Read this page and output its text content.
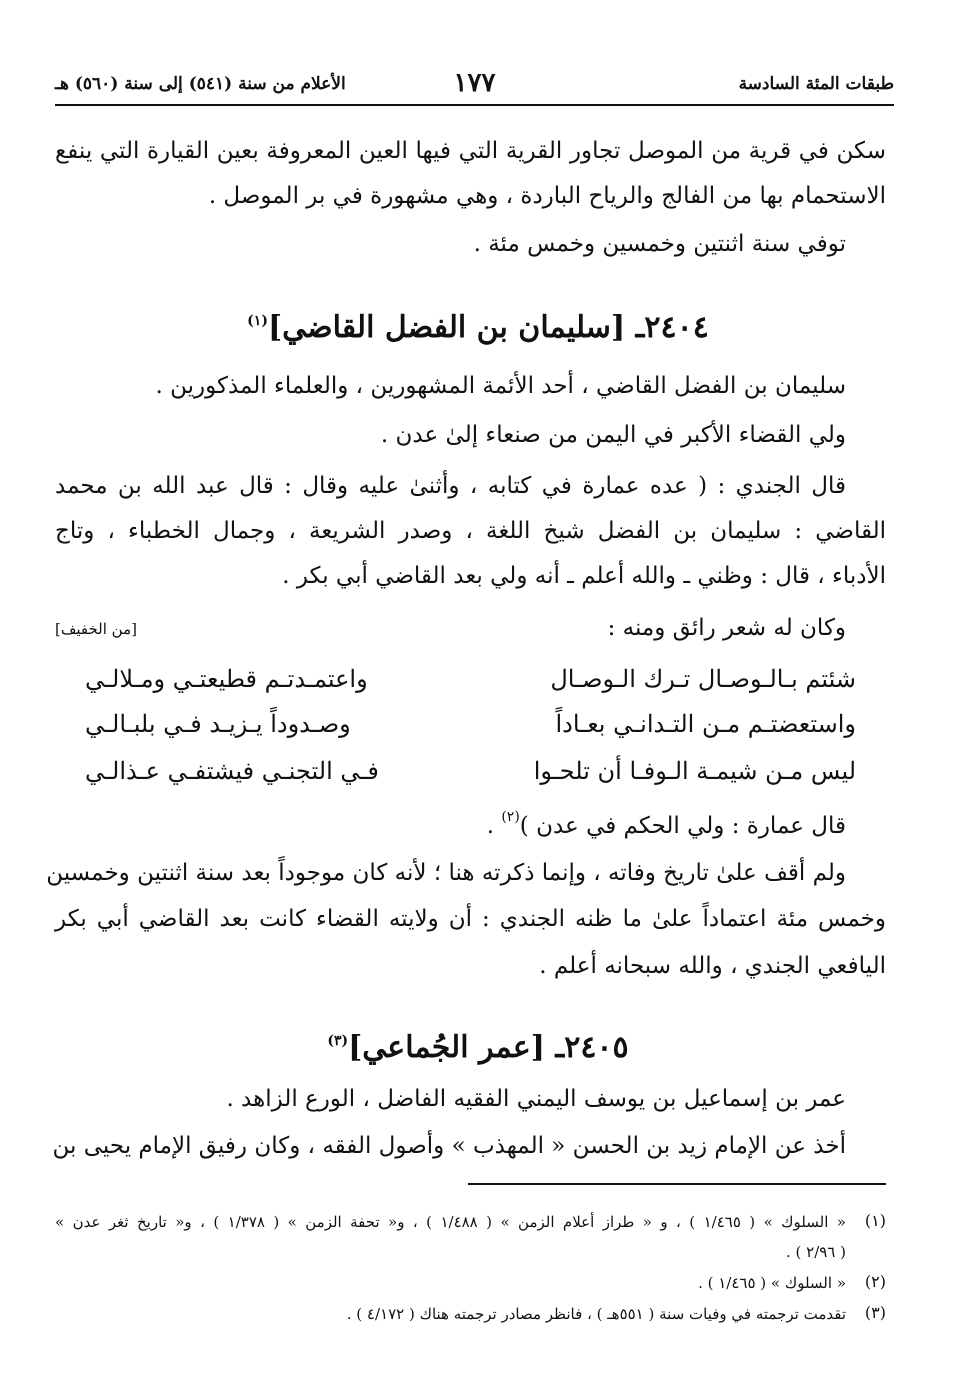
طبقات المئة السادسة
١٧٧
الأعلام من سنة (٥٤١) إلى سنة (٥٦٠) هـ
سكن في قرية من الموصل تجاور القرية التي فيها العين المعروفة بعين القيارة التي ينفع
الاستحمام بها من الفالج والرياح الباردة ، وهي مشهورة في بر الموصل .
توفي سنة اثنتين وخمسين وخمس مئة .
٢٤٠٤ـ [سليمان بن الفضل القاضي]$^{(١)}$
سليمان بن الفضل القاضي ، أحد الأئمة المشهورين ، والعلماء المذكورين .
ولي القضاء الأكبر في اليمن من صنعاء إلىٰ عدن .
قال الجندي : ( عده عمارة في كتابه ، وأثنىٰ عليه وقال : قال عبد الله بن محمد
القاضي : سليمان بن الفضل شيخ اللغة ، وصدر الشريعة ، وجمال الخطباء ، وتاج
الأدباء ، قال : وظني ـ والله أعلم ـ أنه ولي بعد القاضي أبي بكر .
وكان له شعر رائق ومنه :
[من الخفيف]
شئتم بـالـوصـال تـرك الـوصـال
واعتمـدتـم قطيعتـي ومـلالـي
واستعضتـم مـن التـدانـي بعـاداً
وصـدوداً يـزيـد فـي بلبـالـي
ليس مـن شيمـة الـوفـا أن تلحـوا
فـي التجنـي فيشتفـي عـذالـي
قال عمارة : ولي الحكم في عدن )$^{(٢)}$ .
ولم أقف علىٰ تاريخ وفاته ، وإنما ذكرته هنا ؛ لأنه كان موجوداً بعد سنة اثنتين وخمسين
وخمس مئة اعتماداً علىٰ ما ظنه الجندي : أن ولايته القضاء كانت بعد القاضي أبي بكر
اليافعي الجندي ، والله سبحانه أعلم .
٢٤٠٥ـ [عمر الجُماعي]$^{(٣)}$
عمر بن إسماعيل بن يوسف اليمني الفقيه الفاضل ، الورع الزاهد .
أخذ عن الإمام زيد بن الحسن « المهذب » وأصول الفقه ، وكان رفيق الإمام يحيى بن
(١)
« السلوك » ( ١/٤٦٥ ) ، و « طراز أعلام الزمن » ( ١/٤٨٨ ) ، و« تحفة الزمن » ( ١/٣٧٨ ) ، و« تاريخ ثغر عدن »
( ٢/٩٦ ) .
(٢)
« السلوك » ( ١/٤٦٥ ) .
(٣)
تقدمت ترجمته في وفيات سنة ( ٥٥١هـ ) ، فانظر مصادر ترجمته هناك ( ٤/١٧٢ ) .
